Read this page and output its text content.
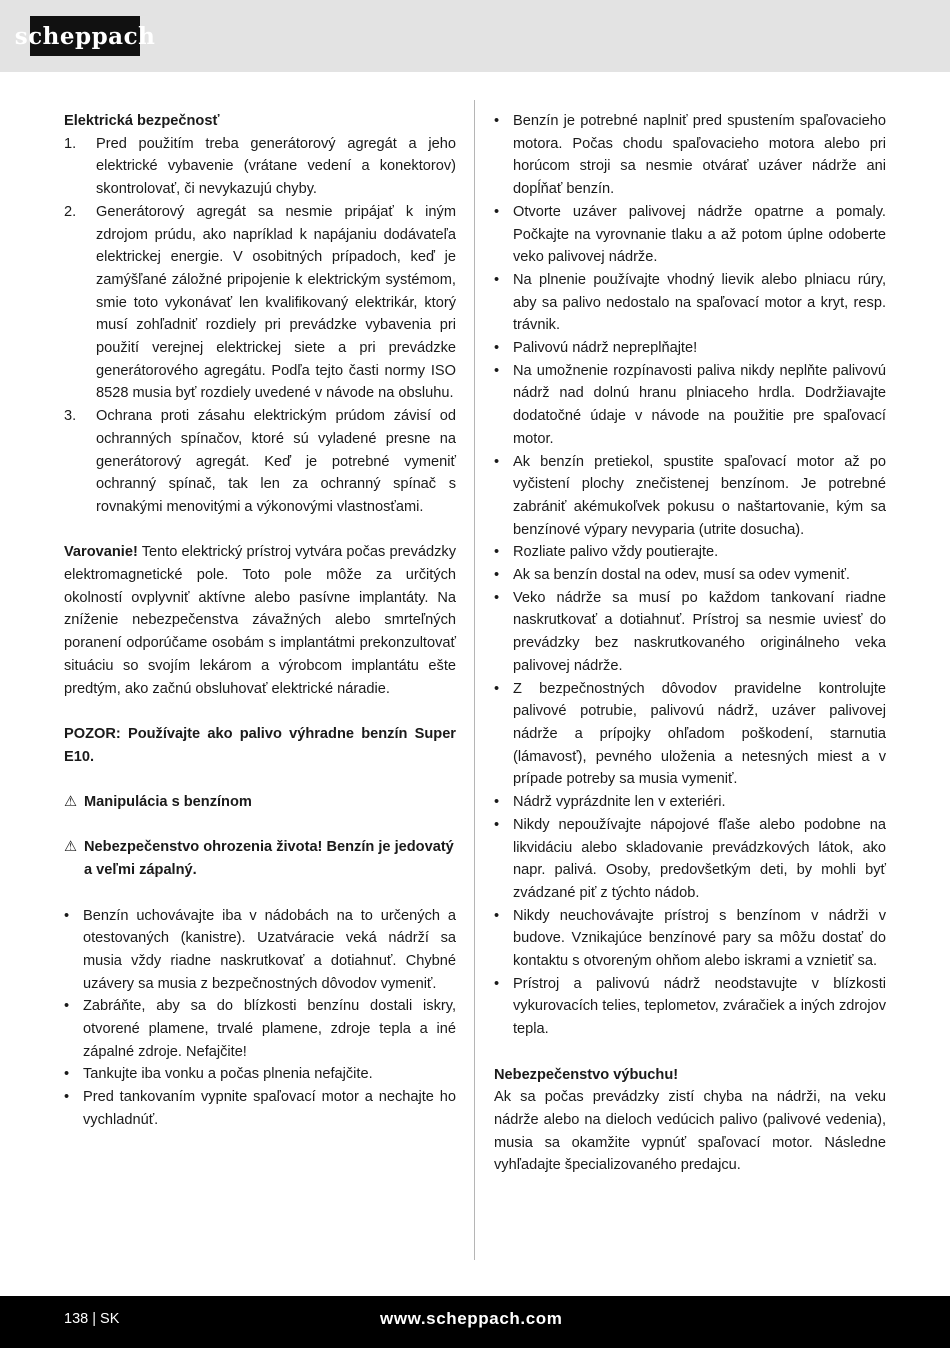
scheppach
Elektrická bezpečnosť
1. Pred použitím treba generátorový agregát a jeho elektrické vybavenie (vrátane vedení a konektorov) skontrolovať, či nevykazujú chyby.
2. Generátorový agregát sa nesmie pripájať k iným zdrojom prúdu, ako napríklad k napájaniu dodávateľa elektrickej energie. V osobitných prípadoch, keď je zamýšľané záložné pripojenie k elektrickým systémom, smie toto vykonávať len kvalifikovaný elektrikár, ktorý musí zohľadniť rozdiely pri prevádzke vybavenia pri použití verejnej elektrickej siete a pri prevádzke generátorového agregátu. Podľa tejto časti normy ISO 8528 musia byť rozdiely uvedené v návode na obsluhu.
3. Ochrana proti zásahu elektrickým prúdom závisí od ochranných spínačov, ktoré sú vyladené presne na generátorový agregát. Keď je potrebné vymeniť ochranný spínač, tak len za ochranný spínač s rovnakými menovitými a výkonovými vlastnosťami.

Varovanie! Tento elektrický prístroj vytvára počas prevádzky elektromagnetické pole. Toto pole môže za určitých okolností ovplyvniť aktívne alebo pasívne implantáty. Na zníženie nebezpečenstva závažných alebo smrteľných poranení odporúčame osobám s implantátmi prekonzultovať situáciu so svojím lekárom a výrobcom implantátu ešte predtým, ako začnú obsluhovať elektrické náradie.

POZOR: Používajte ako palivo výhradne benzín Super E10.

⚠ Manipulácia s benzínom
⚠ Nebezpečenstvo ohrozenia života! Benzín je jedovatý a veľmi zápalný.
• Benzín uchovávajte iba v nádobách na to určených a otestovaných (kanistre). Uzatváracie veká nádrží sa musia vždy riadne naskrutkovať a dotiahnuť. Chybné uzávery sa musia z bezpečnostných dôvodov vymeniť.
• Zabráňte, aby sa do blízkosti benzínu dostali iskry, otvorené plamene, trvalé plamene, zdroje tepla a iné zápalné zdroje. Nefajčite!
• Tankujte iba vonku a počas plnenia nefajčite.
• Pred tankovaním vypnite spaľovací motor a nechajte ho vychladnúť.
• Benzín je potrebné naplniť pred spustením spaľovacieho motora. Počas chodu spaľovacieho motora alebo pri horúcom stroji sa nesmie otvárať uzáver nádrže ani dopĺňať benzín.
• Otvorte uzáver palivovej nádrže opatrne a pomaly. Počkajte na vyrovnanie tlaku a až potom úplne odoberte veko palivovej nádrže.
• Na plnenie používajte vhodný lievik alebo plniacu rúry, aby sa palivo nedostalo na spaľovací motor a kryt, resp. trávnik.
• Palivovú nádrž nepreplňajte!
• Na umožnenie rozpínavosti paliva nikdy neplňte palivovú nádrž nad dolnú hranu plniaceho hrdla. Dodržiavajte dodatočné údaje v návode na použitie pre spaľovací motor.
• Ak benzín pretiekol, spustite spaľovací motor až po vyčistení plochy znečistenej benzínom. Je potrebné zabrániť akémukoľvek pokusu o naštartovanie, kým sa benzínové výpary nevyparia (utrite dosucha).
• Rozliate palivo vždy poutierajte.
• Ak sa benzín dostal na odev, musí sa odev vymeniť.
• Veko nádrže sa musí po každom tankovaní riadne naskrutkovať a dotiahnuť. Prístroj sa nesmie uviesť do prevádzky bez naskrutkovaného originálneho veka palivovej nádrže.
• Z bezpečnostných dôvodov pravidelne kontrolujte palivové potrubie, palivovú nádrž, uzáver palivovej nádrže a prípojky ohľadom poškodení, starnutia (lámavosť), pevného uloženia a netesných miest a v prípade potreby sa musia vymeniť.
• Nádrž vyprázdnite len v exteriéri.
• Nikdy nepoužívajte nápojové fľaše alebo podobne na likvidáciu alebo skladovanie prevádzkových látok, ako napr. palivá. Osoby, predovšetkým deti, by mohli byť zvádzané piť z týchto nádob.
• Nikdy neuchovávajte prístroj s benzínom v nádrži v budove. Vznikajúce benzínové pary sa môžu dostať do kontaktu s otvoreným ohňom alebo iskrami a vznietiť sa.
• Prístroj a palivovú nádrž neodstavujte v blízkosti vykurovacích telies, teplometov, zváračiek a iných zdrojov tepla.
Nebezpečenstvo výbuchu!

Ak sa počas prevádzky zistí chyba na nádrži, na veku nádrže alebo na dieloch vedúcich palivo (palivové vedenia), musia sa okamžite vypnúť spaľovací motor. Následne vyhľadajte špecializovaného predajcu.

138 | SK	www.scheppach.com
